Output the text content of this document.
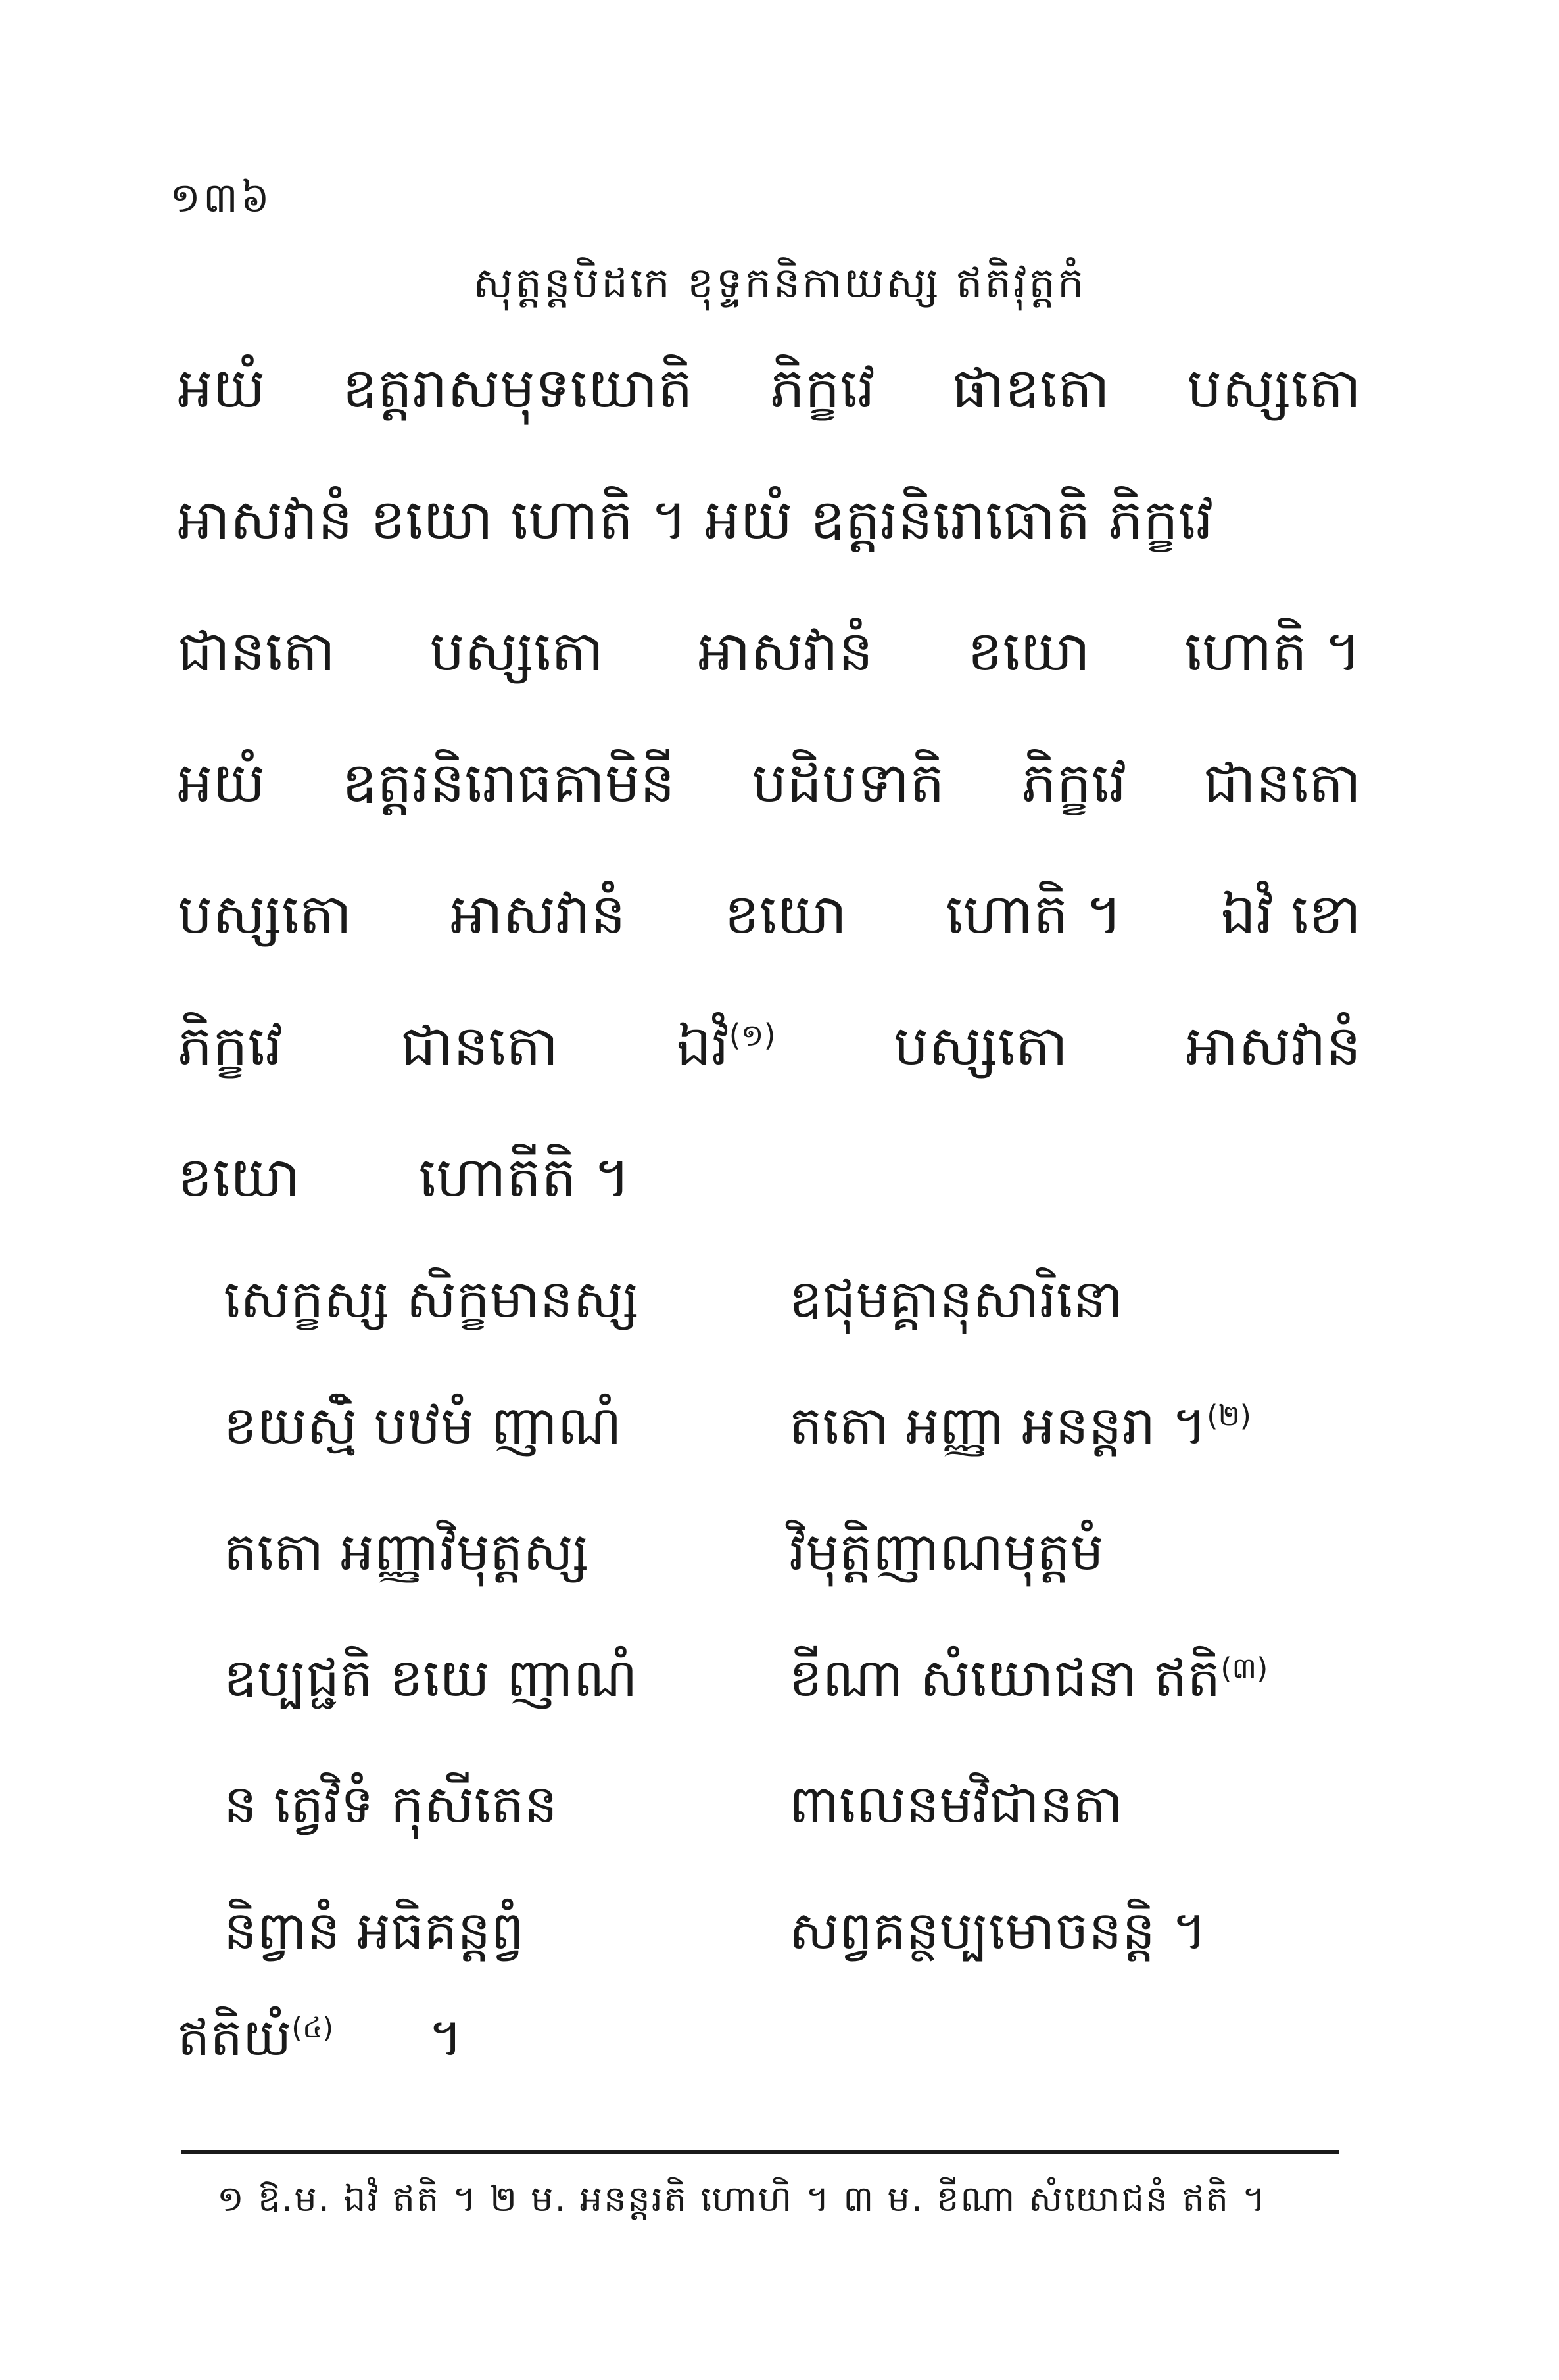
១៣៦
សុត្តន្តបិដកេ ខុទ្ទកនិកាយស្ស ឥតិវុត្តកំ
អយំ ឧត្តរាសមុទយោតិ ភិក្ខវេ ផាឧតោ បស្សតោ
អាសវានំ ខយោ ហោតិ ។ អយំ ឧត្តរនិរោធោតិ ភិក្ខវេ
ជានតោ បស្សតោ អាសវានំ ខយោ ហោតិ ។
អយំ ឧត្តរនិរោធគាមិនី បដិបទាតិ ភិក្ខវេ ជានតោ
បស្សតោ អាសវានំ ខយោ ហោតិ ។ ឯវំ ខោ
ភិក្ខវេ ជានតោ ឯវំ$^{(១)}$ បស្សតោ អាសវានំ
ខយោ ហោតីតិ ។
សេក្ខស្ស សិក្ខមានស្ស	ឧជុមគ្គានុសារិនោ
ខយស្មិំ បឋមំ ញាណំ	តតោ អញ្ញា អនន្តរា ។$^{(២)}$
តតោ អញ្ញាវិមុត្តស្ស	វិមុត្តិញាណមុត្តមំ
ឧប្បជ្ជតិ ខយេ ញាណំ	ខីណា សំយោជនា ឥតិ$^{(៣)}$
ន ត្វេវិទំ កុសីតេន	ពាលេនមវិជានតា
និព្វានំ អធិគន្តព្វំ	សព្វគន្ថប្បមោចនន្តិ ។
ឥតិយំ$^{(៤)}$ ។
១ ឱ.ម. ឯវំ ឥតិ ។ ២ ម. អនន្តរតិ ហោហិ ។ ៣ ម. ខីណា សំយោជនំ ឥតិ ។
